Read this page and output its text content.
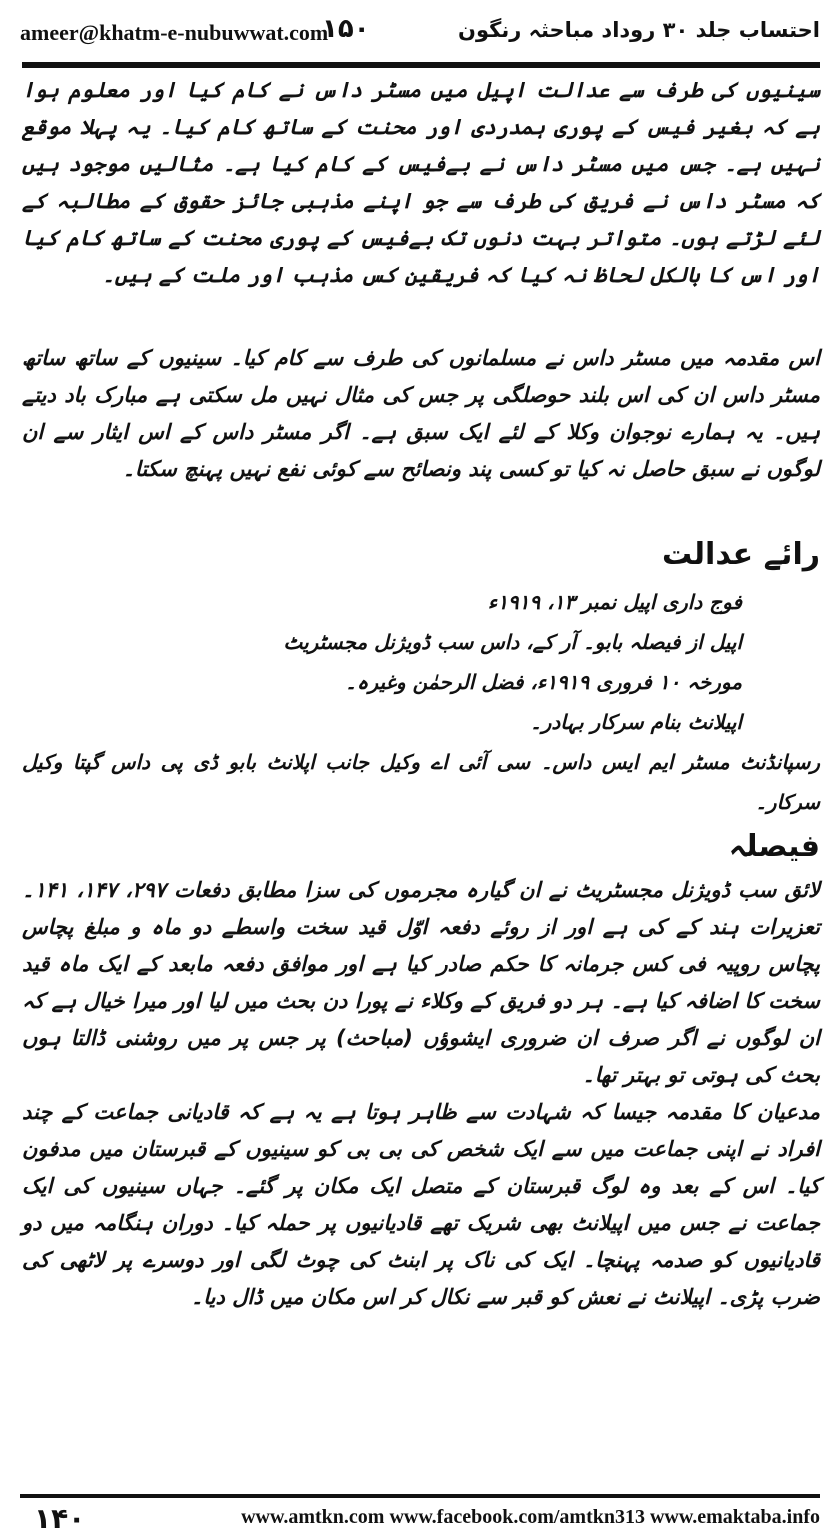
ameer@khatm-e-nubuwwat.com
۱۵۰	احتساب جلد ۳۰ روداد مباحثہ رنگون

سینیوں کی طرف سے عدالت اپیل میں مسٹر داس نے کام کیا اور معلوم ہوا ہے کہ بغیر فیس کے پوری ہمدردی اور محنت کے ساتھ کام کیا۔ یہ پہلا موقع نہیں ہے۔ جس میں مسٹر داس نے بےفیس کے کام کیا ہے۔ مثالیں موجود ہیں کہ مسٹر داس نے فریق کی طرف سے جو اپنے مذہبی جائز حقوق کے مطالبہ کے لئے لڑتے ہوں۔ متواتر بہت دنوں تک بےفیس کے پوری محنت کے ساتھ کام کیا اور اس کا بالکل لحاظ نہ کیا کہ فریقین کس مذہب اور ملت کے ہیں۔

اس مقدمہ میں مسٹر داس نے مسلمانوں کی طرف سے کام کیا۔ سینیوں کے ساتھ ساتھ مسٹر داس ان کی اس بلند حوصلگی پر جس کی مثال نہیں مل سکتی ہے مبارک باد دیتے ہیں۔ یہ ہمارے نوجوان وکلا کے لئے ایک سبق ہے۔ اگر مسٹر داس کے اس ایثار سے ان لوگوں نے سبق حاصل نہ کیا تو کسی پند ونصائح سے کوئی نفع نہیں پہنچ سکتا۔

رائے عدالت

فوج داری اپیل نمبر ۱۳، ۱۹۱۹ء

اپیل از فیصلہ بابو۔ آر کے، داس سب ڈویژنل مجسٹریٹ

مورخہ ۱۰ فروری ۱۹۱۹ء، فضل الرحمٰن وغیرہ۔

اپیلانٹ بنام سرکار بہادر۔

رسپانڈنٹ مسٹر ایم ایس داس۔ سی آئی اے وکیل جانب اپلانٹ بابو ڈی پی داس گپتا وکیل سرکار۔

فیصلہ

لائق سب ڈویژنل مجسٹریٹ نے ان گیارہ مجرموں کی سزا مطابق دفعات ۲۹۷، ۱۴۷، ۱۴۱۔ تعزیرات ہند کے کی ہے اور از روئے دفعہ اوّل قید سخت واسطے دو ماہ و مبلغ پچاس پچاس روپیہ فی کس جرمانہ کا حکم صادر کیا ہے اور موافق دفعہ مابعد کے ایک ماہ قید سخت کا اضافہ کیا ہے۔ ہر دو فریق کے وکلاء نے پورا دن بحث میں لیا اور میرا خیال ہے کہ ان لوگوں نے اگر صرف ان ضروری ایشوؤں (مباحث) پر جس پر میں روشنی ڈالتا ہوں بحث کی ہوتی تو بہتر تھا۔

مدعیان کا مقدمہ جیسا کہ شہادت سے ظاہر ہوتا ہے یہ ہے کہ قادیانی جماعت کے چند افراد نے اپنی جماعت میں سے ایک شخص کی بی بی کو سینیوں کے قبرستان میں مدفون کیا۔ اس کے بعد وہ لوگ قبرستان کے متصل ایک مکان پر گئے۔ جہاں سینیوں کی ایک جماعت نے جس میں اپیلانٹ بھی شریک تھے قادیانیوں پر حملہ کیا۔ دوران ہنگامہ میں دو قادیانیوں کو صدمہ پہنچا۔ ایک کی ناک پر ابنٹ کی چوٹ لگی اور دوسرے پر لاٹھی کی ضرب پڑی۔ اپیلانٹ نے نعش کو قبر سے نکال کر اس مکان میں ڈال دیا۔

۱۴۰	www.amtkn.com www.facebook.com/amtkn313 www.emaktaba.info
